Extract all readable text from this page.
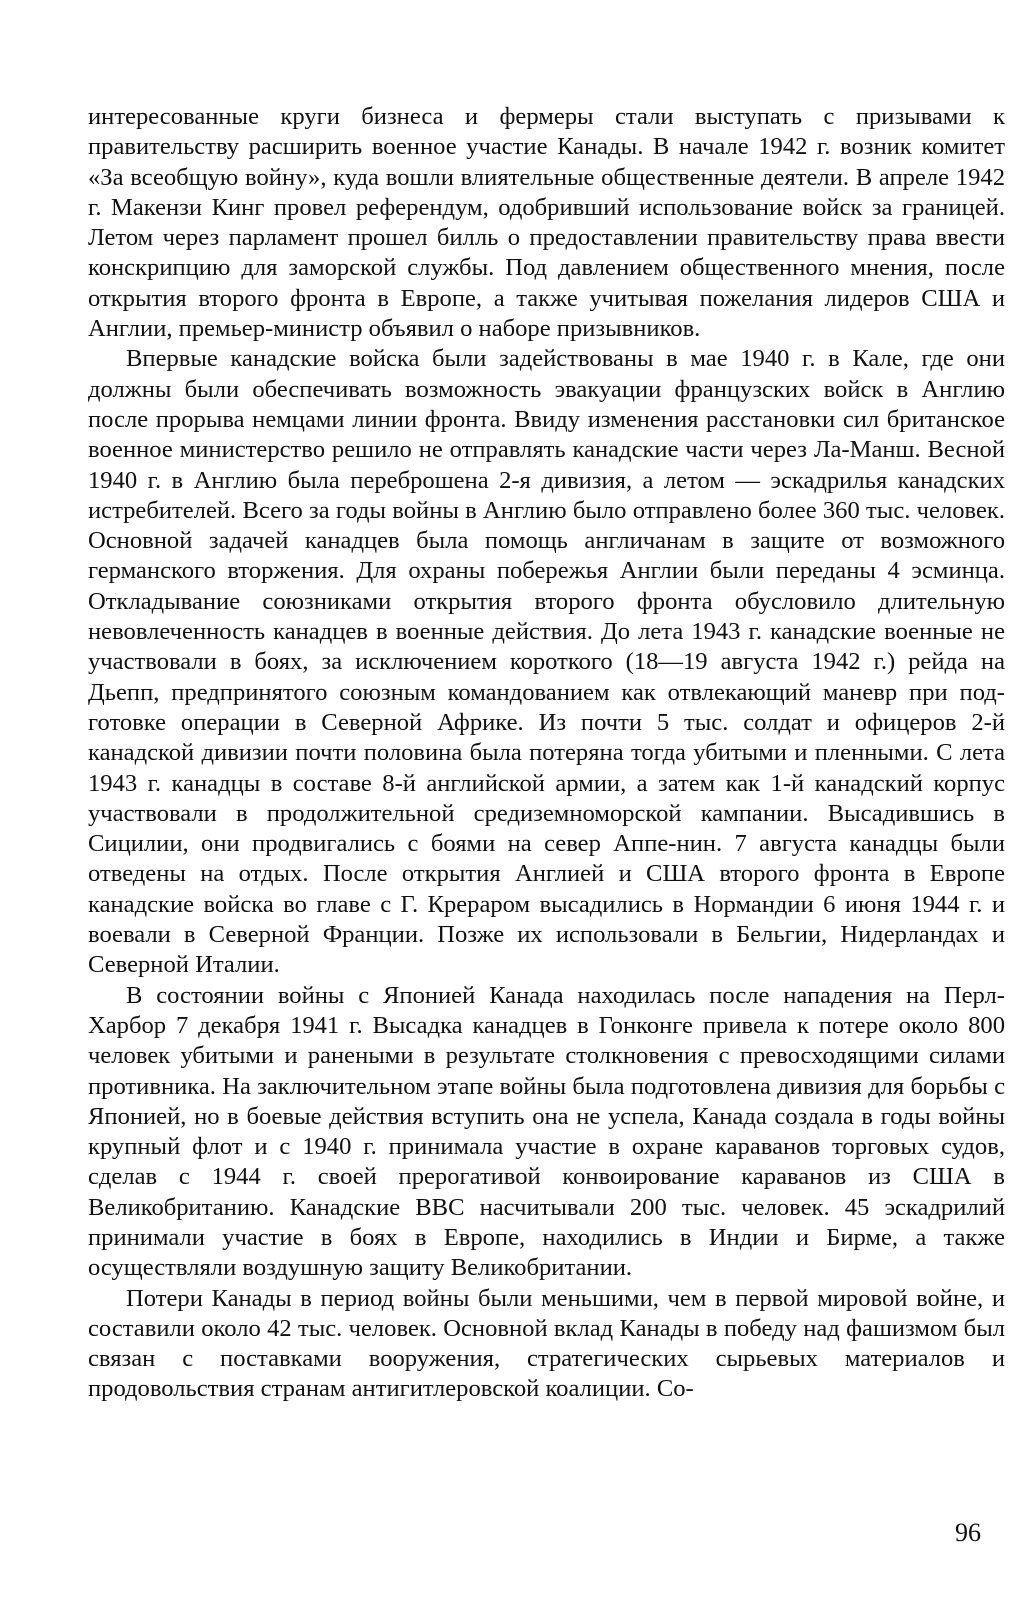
интересованные круги бизнеса и фермеры стали выступать с призывами к правительству расширить военное участие Канады. В начале 1942 г. возник комитет «За всеобщую войну», куда вошли влиятельные общественные деятели. В апреле 1942 г. Макензи Кинг провел референдум, одобривший использование войск за границей. Летом через парламент прошел билль о предоставлении правительству права ввести конскрипцию для заморской службы. Под давлением общественного мнения, после открытия второго фронта в Европе, а также учитывая пожелания лидеров США и Англии, премьер-министр объявил о наборе призывников.

Впервые канадские войска были задействованы в мае 1940 г. в Кале, где они должны были обеспечивать возможность эвакуации французских войск в Англию после прорыва немцами линии фронта. Ввиду изменения расстановки сил британское военное министерство решило не отправлять канадские части через Ла-Манш. Весной 1940 г. в Англию была переброшена 2-я дивизия, а летом — эскадрилья канадских истребителей. Всего за годы войны в Англию было отправлено более 360 тыс. человек. Основной задачей канадцев была помощь англичанам в защите от возможного германского вторжения. Для охраны побережья Англии были переданы 4 эсминца. Откладывание союзниками открытия второго фронта обусловило длительную невовлеченность канадцев в военные действия. До лета 1943 г. канадские военные не участвовали в боях, за исключением короткого (18—19 августа 1942 г.) рейда на Дьепп, предпринятого союзным командованием как отвлекающий маневр при подготовке операции в Северной Африке. Из почти 5 тыс. солдат и офицеров 2-й канадской дивизии почти половина была потеряна тогда убитыми и пленными. С лета 1943 г. канадцы в составе 8-й английской армии, а затем как 1-й канадский корпус участвовали в продолжительной средиземноморской кампании. Высадившись в Сицилии, они продвигались с боями на север Аппе-нин. 7 августа канадцы были отведены на отдых. После открытия Англией и США второго фронта в Европе канадские войска во главе с Г. Крерaром высадились в Нормандии 6 июня 1944 г. и воевали в Северной Франции. Позже их использовали в Бельгии, Нидерландах и Северной Италии.

В состоянии войны с Японией Канада находилась после нападения на Перл-Харбор 7 декабря 1941 г. Высадка канадцев в Гонконге привела к потере около 800 человек убитыми и ранеными в результате столкновения с превосходящими силами противника. На заключительном этапе войны была подготовлена дивизия для борьбы с Японией, но в боевые действия вступить она не успела, Канада создала в годы войны крупный флот и с 1940 г. принимала участие в охране караванов торговых судов, сделав с 1944 г. своей прерогативой конвоирование караванов из США в Великобританию. Канадские ВВС насчитывали 200 тыс. человек. 45 эскадрилий принимали участие в боях в Европе, находились в Индии и Бирме, а также осуществляли воздушную защиту Великобритании.

Потери Канады в период войны были меньшими, чем в первой мировой войне, и составили около 42 тыс. человек. Основной вклад Канады в победу над фашизмом был связан с поставками вооружения, стратегических сырьевых материалов и продовольствия странам антигитлеровской коалиции. Со-

96
